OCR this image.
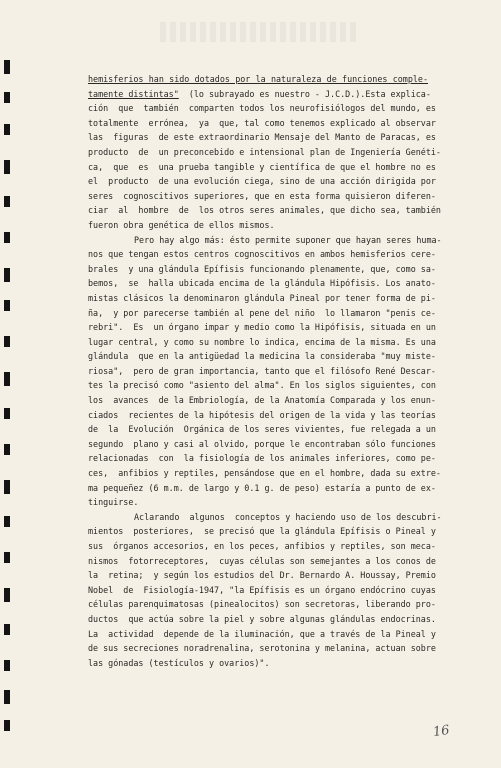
hemisferios han sido dotados por la naturaleza de funciones comple-
tamente distintas"  (lo subrayado es nuestro - J.C.D.).Esta explica-
ción  que  también  comparten todos los neurofisiólogos del mundo, es
totalmente  errónea,  ya  que, tal como tenemos explicado al observar
las  figuras  de este extraordinario Mensaje del Manto de Paracas, es
producto  de  un preconcebido e intensional plan de Ingeniería Genéti-
ca,  que  es  una prueba tangible y científica de que el hombre no es
el  producto  de una evolución ciega, sino de una acción dirigida por
seres  cognoscitivos superiores, que en esta forma quisieron diferen-
ciar  al  hombre  de  los otros seres animales, que dicho sea, también
fueron obra genética de ellos mismos.
Pero hay algo más: ésto permite suponer que hayan seres huma-
nos que tengan estos centros cognoscitivos en ambos hemisferios cere-
brales  y una glándula Epífisis funcionando plenamente, que, como sa-
bemos,  se  halla ubicada encima de la glándula Hipófisis. Los anato-
mistas clásicos la denominaron glándula Pineal por tener forma de pi-
ña,  y por parecerse también al pene del niño  lo llamaron "penis ce-
rebri".  Es  un órgano impar y medio como la Hipófisis, situada en un
lugar central, y como su nombre lo indica, encima de la misma. Es una
glándula  que en la antigüedad la medicina la consideraba "muy miste-
riosa",  pero de gran importancia, tanto que el filósofo René Descar-
tes la precisó como "asiento del alma". En los siglos siguientes, con
los  avances  de la Embriología, de la Anatomía Comparada y los enun-
ciados  recientes de la hipótesis del origen de la vida y las teorías
de  la  Evolución  Orgánica de los seres vivientes, fue relegada a un
segundo  plano y casi al olvido, porque le encontraban sólo funciones
relacionadas  con  la fisiología de los animales inferiores, como pe-
ces,  anfibios y reptiles, pensándose que en el hombre, dada su extre-
ma pequeñez (6 m.m. de largo y 0.1 g. de peso) estaría a punto de ex-
tinguirse.
Aclarando  algunos  conceptos y haciendo uso de los descubri-
mientos  posteriores,  se precisó que la glándula Epífisis o Pineal y
sus  órganos accesorios, en los peces, anfibios y reptiles, son meca-
nismos  fotorreceptores,  cuyas células son semejantes a los conos de
la  retina;  y según los estudios del Dr. Bernardo A. Houssay, Premio
Nobel  de  Fisiología-1947, "la Epífisis es un órgano endócrino cuyas
células parenquimatosas (pinealocitos) son secretoras, liberando pro-
ductos  que actúa sobre la piel y sobre algunas glándulas endocrinas.
La  actividad  depende de la iluminación, que a través de la Pineal y
de sus secreciones noradrenalina, serotonina y melanina, actuan sobre
las gónadas (testículos y ovarios)".
16
